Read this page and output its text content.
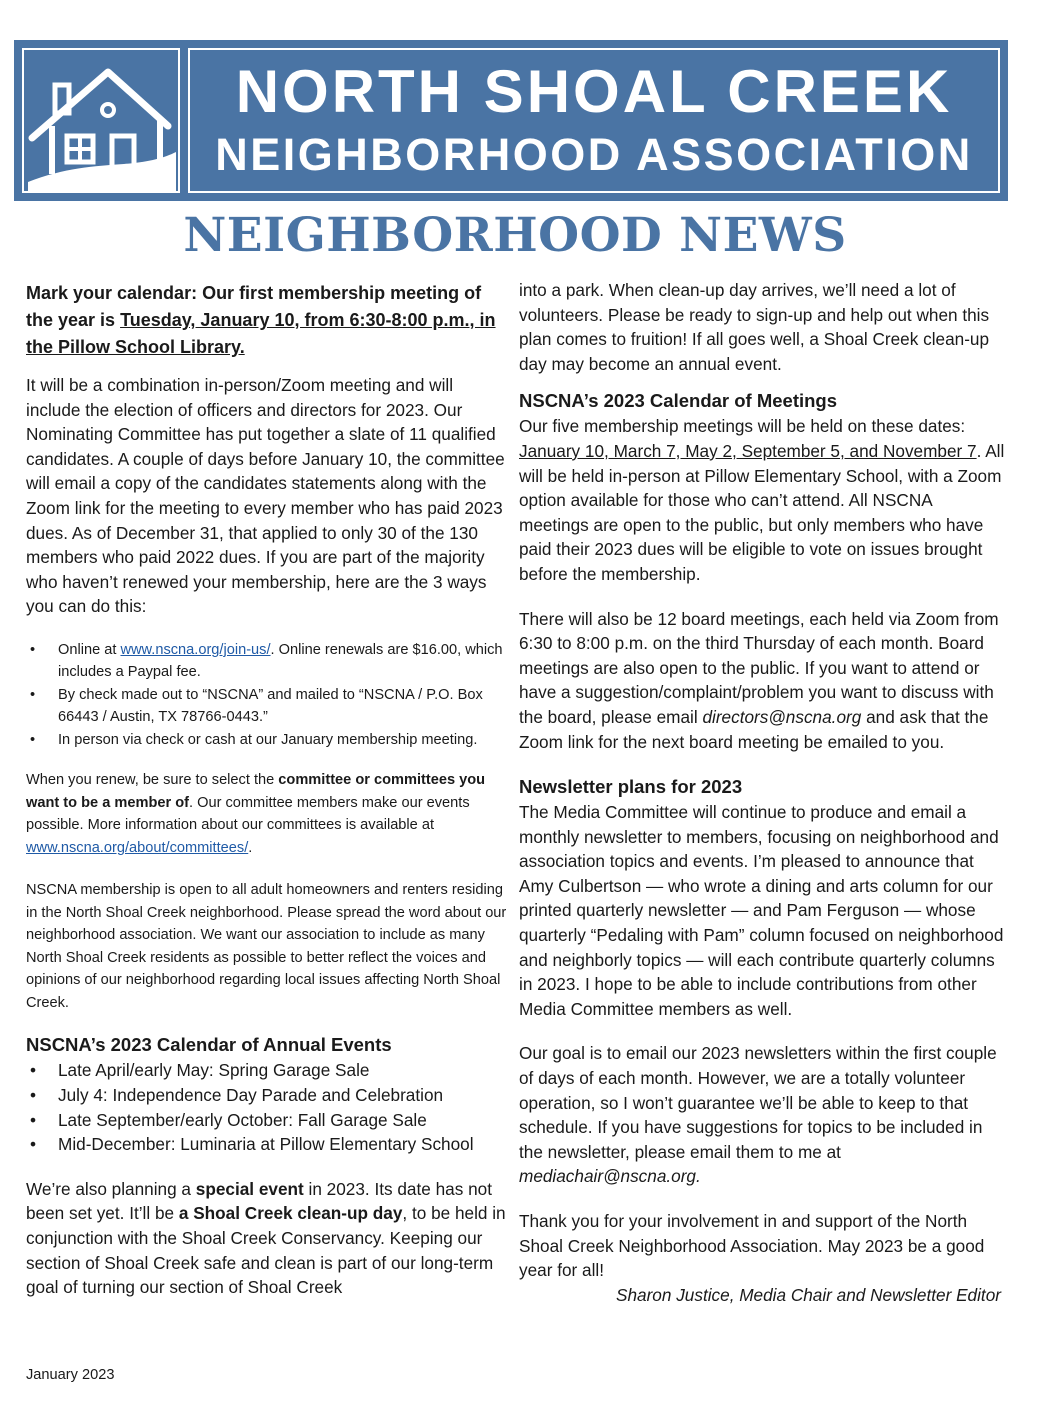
NORTH SHOAL CREEK
NEIGHBORHOOD ASSOCIATION
NEIGHBORHOOD NEWS

Mark your calendar: Our first membership meeting of the year is Tuesday, January 10, from 6:30-8:00 p.m., in the Pillow School Library.

It will be a combination in-person/Zoom meeting and will include the election of officers and directors for 2023. Our Nominating Committee has put together a slate of 11 qualified candidates. A couple of days before January 10, the committee will email a copy of the candidates statements along with the Zoom link for the meeting to every member who has paid 2023 dues. As of December 31, that applied to only 30 of the 130 members who paid 2022 dues. If you are part of the majority who haven’t renewed your membership, here are the 3 ways you can do this:

• Online at www.nscna.org/join-us/. Online renewals are $16.00, which includes a Paypal fee.
• By check made out to “NSCNA” and mailed to “NSCNA / P.O. Box 66443 / Austin, TX 78766-0443.”
• In person via check or cash at our January membership meeting.

When you renew, be sure to select the committee or committees you want to be a member of. Our committee members make our events possible. More information about our committees is available at www.nscna.org/about/committees/.

NSCNA membership is open to all adult homeowners and renters residing in the North Shoal Creek neighborhood. Please spread the word about our neighborhood association. We want our association to include as many North Shoal Creek residents as possible to better reflect the voices and opinions of our neighborhood regarding local issues affecting North Shoal Creek.

NSCNA’s 2023 Calendar of Annual Events
• Late April/early May: Spring Garage Sale
• July 4: Independence Day Parade and Celebration
• Late September/early October: Fall Garage Sale
• Mid-December: Luminaria at Pillow Elementary School

We’re also planning a special event in 2023. Its date has not been set yet. It’ll be a Shoal Creek clean-up day, to be held in conjunction with the Shoal Creek Conservancy. Keeping our section of Shoal Creek safe and clean is part of our long-term goal of turning our section of Shoal Creek

into a park. When clean-up day arrives, we’ll need a lot of volunteers. Please be ready to sign-up and help out when this plan comes to fruition! If all goes well, a Shoal Creek clean-up day may become an annual event.

NSCNA’s 2023 Calendar of Meetings

Our five membership meetings will be held on these dates: January 10, March 7, May 2, September 5, and November 7. All will be held in-person at Pillow Elementary School, with a Zoom option available for those who can’t attend. All NSCNA meetings are open to the public, but only members who have paid their 2023 dues will be eligible to vote on issues brought before the membership.

There will also be 12 board meetings, each held via Zoom from 6:30 to 8:00 p.m. on the third Thursday of each month. Board meetings are also open to the public. If you want to attend or have a suggestion/complaint/problem you want to discuss with the board, please email directors@nscna.org and ask that the Zoom link for the next board meeting be emailed to you.

Newsletter plans for 2023

The Media Committee will continue to produce and email a monthly newsletter to members, focusing on neighborhood and association topics and events. I’m pleased to announce that Amy Culbertson — who wrote a dining and arts column for our printed quarterly newsletter — and Pam Ferguson — whose quarterly “Pedaling with Pam” column focused on neighborhood and neighborly topics — will each contribute quarterly columns in 2023. I hope to be able to include contributions from other Media Committee members as well.

Our goal is to email our 2023 newsletters within the first couple of days of each month. However, we are a totally volunteer operation, so I won’t guarantee we’ll be able to keep to that schedule. If you have suggestions for topics to be included in the newsletter, please email them to me at mediachair@nscna.org.

Thank you for your involvement in and support of the North Shoal Creek Neighborhood Association. May 2023 be a good year for all!

Sharon Justice, Media Chair and Newsletter Editor

January 2023
